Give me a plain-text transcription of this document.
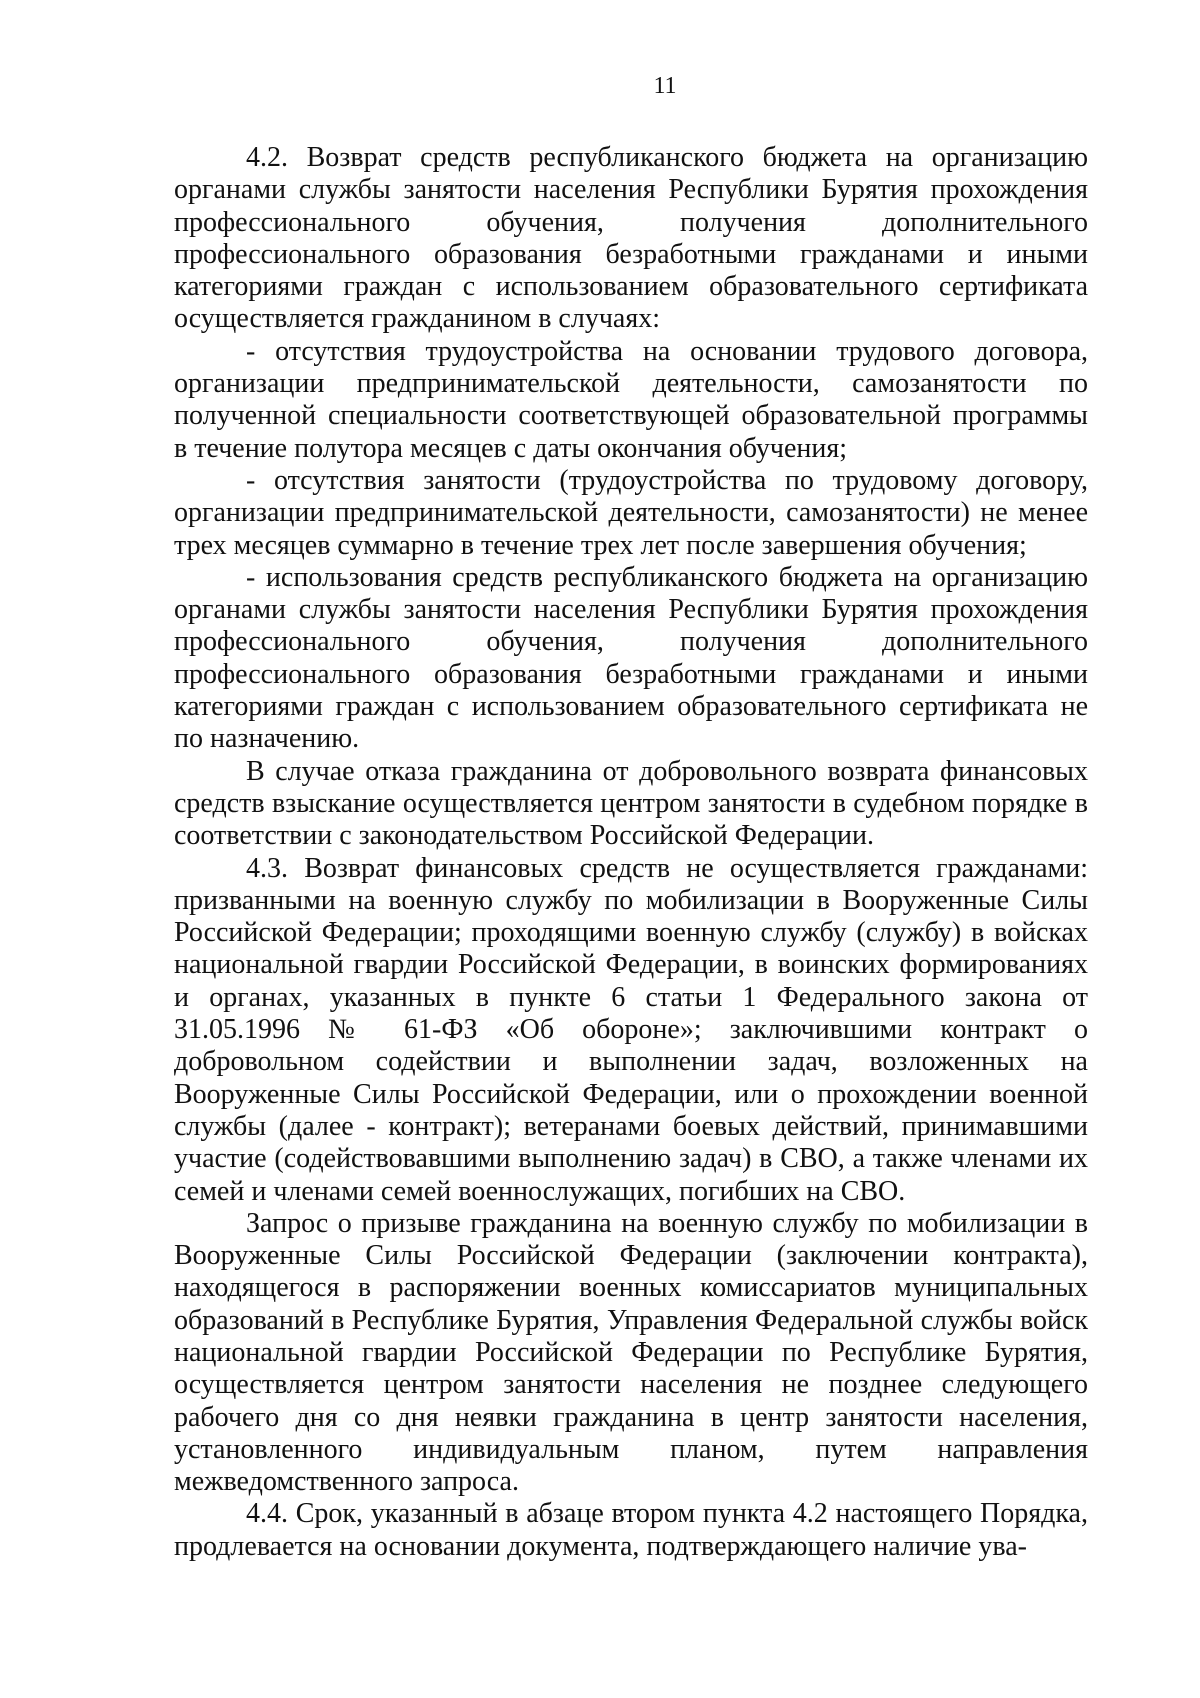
11

4.2. Возврат средств республиканского бюджета на организацию органами службы занятости населения Республики Бурятия прохождения профессионального обучения, получения дополнительного профессионального образования безработными гражданами и иными категориями граждан с использованием образовательного сертификата осуществляется гражданином в случаях:

- отсутствия трудоустройства на основании трудового договора, организации предпринимательской деятельности, самозанятости по полученной специальности соответствующей образовательной программы в течение полутора месяцев с даты окончания обучения;

- отсутствия занятости (трудоустройства по трудовому договору, организации предпринимательской деятельности, самозанятости) не менее трех месяцев суммарно в течение трех лет после завершения обучения;

- использования средств республиканского бюджета на организацию органами службы занятости населения Республики Бурятия прохождения профессионального обучения, получения дополнительного профессионального образования безработными гражданами и иными категориями граждан с использованием образовательного сертификата не по назначению.

В случае отказа гражданина от добровольного возврата финансовых средств взыскание осуществляется центром занятости в судебном порядке в соответствии с законодательством Российской Федерации.

4.3. Возврат финансовых средств не осуществляется гражданами: призванными на военную службу по мобилизации в Вооруженные Силы Российской Федерации; проходящими военную службу (службу) в войсках национальной гвардии Российской Федерации, в воинских формированиях и органах, указанных в пункте 6 статьи 1 Федерального закона от 31.05.1996 № 61-ФЗ «Об обороне»; заключившими контракт о добровольном содействии и выполнении задач, возложенных на Вооруженные Силы Российской Федерации, или о прохождении военной службы (далее - контракт); ветеранами боевых действий, принимавшими участие (содействовавшими выполнению задач) в СВО, а также членами их семей и членами семей военнослужащих, погибших на СВО.

Запрос о призыве гражданина на военную службу по мобилизации в Вооруженные Силы Российской Федерации (заключении контракта), находящегося в распоряжении военных комиссариатов муниципальных образований в Республике Бурятия, Управления Федеральной службы войск национальной гвардии Российской Федерации по Республике Бурятия, осуществляется центром занятости населения не позднее следующего рабочего дня со дня неявки гражданина в центр занятости населения, установленного индивидуальным планом, путем направления межведомственного запроса.

4.4. Срок, указанный в абзаце втором пункта 4.2 настоящего Порядка, продлевается на основании документа, подтверждающего наличие ува-
